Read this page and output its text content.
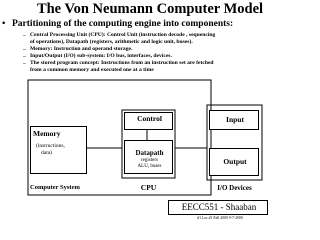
The Von Neumann Computer Model
• Partitioning of the computing engine into components:
– Central Processing Unit (CPU): Control Unit (instruction decode , sequencing
of operations), Datapath (registers, arithmetic and logic unit, buses).
– Memory: Instruction and operand storage.
– Input/Output (I/O) sub-system: I/O bus, interfaces, devices.
– The stored program concept: Instructions from an instruction set are fetched
from a common memory and executed one at a time
Memory
(instructions,
data)
Control
Datapath
registers
ALU, buses
Input
Output
Computer System	CPU	I/O Devices
EECC551 - Shaaban
#1 Lec #1 Fall 2000 9-7-2000
